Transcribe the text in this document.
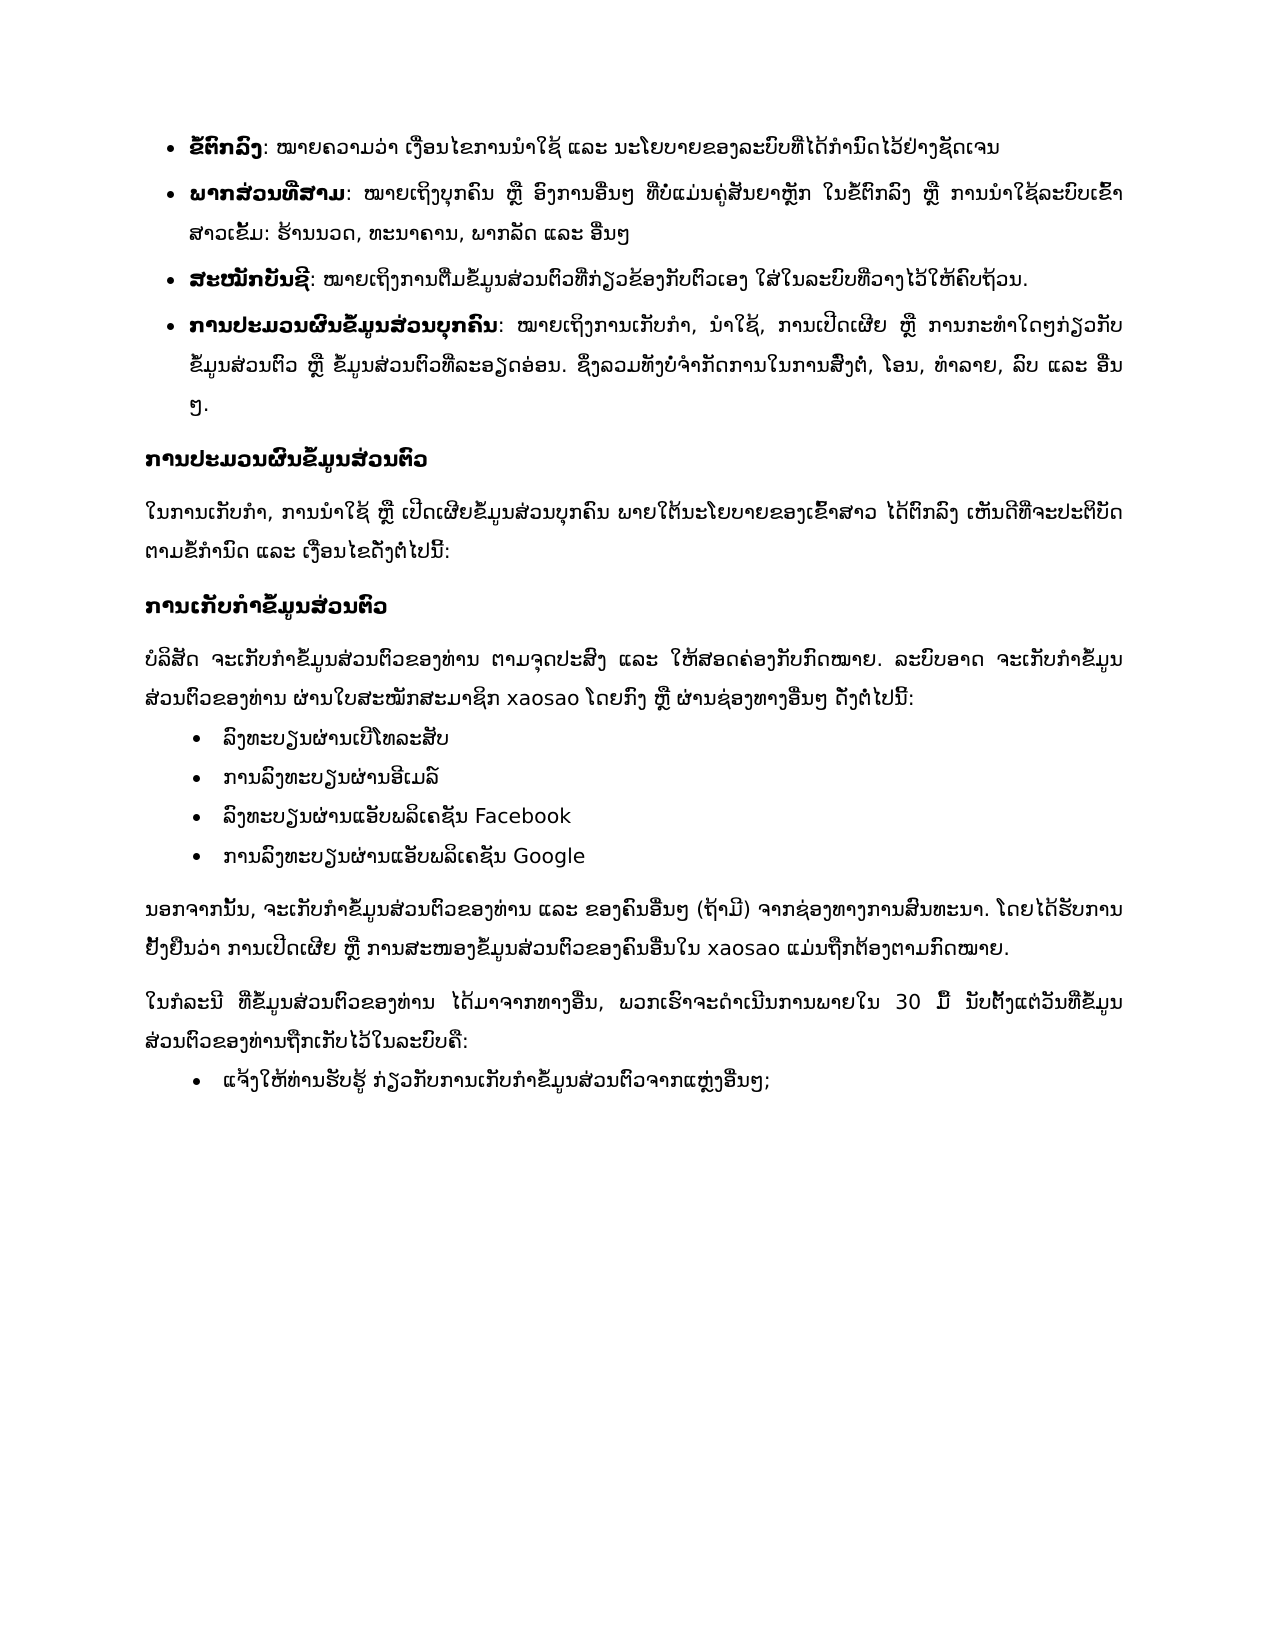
ຂໍ້ຕົກລົງ: ໝາຍຄວາມວ່າ ເງື່ອນໄຂການນຳໃຊ້ ແລະ ນະໂຍບາຍຂອງລະບົບທີ່ໄດ້ກຳນົດໄວ້ຢ່າງຊັດເຈນ
ພາກສ່ວນທີ່ສາມ: ໝາຍເຖິງບຸກຄົນ ຫຼື ອົງການອື່ນໆ ທີ່ບໍ່ແມ່ນຄູ່ສັນຍາຫຼັກ ໃນຂໍ້ຕົກລົງ ຫຼື ການນຳໃຊ້ລະບົບເຂົ້າສາວເຂັ້ມ: ຮ້ານນວດ, ທະນາຄານ, ພາກລັດ ແລະ ອື່ນໆ
ສະໝັກບັນຊີ: ໝາຍເຖິງການຕື່ມຂໍ້ມູນສ່ວນຕົວທີ່ກ່ຽວຂ້ອງກັບຕົວເອງ ໃສ່ໃນລະບົບທີ່ວາງໄວ້ໃຫ້ຄົບຖ້ວນ.
ການປະມວນຜົນຂໍ້ມູນສ່ວນບຸກຄົນ: ໝາຍເຖິງການເກັບກຳ, ນຳໃຊ້, ການເປີດເຜີຍ ຫຼື ການກະທຳໃດໆກ່ຽວກັບຂໍ້ມູນສ່ວນຕົວ ຫຼື ຂໍ້ມູນສ່ວນຕົວທີ່ລະອຽດອ່ອນ. ຊຶ່ງລວມທັງບໍ່ຈຳກັດການໃນການສົ່ງຕໍ່, ໂອນ, ທຳລາຍ, ລົບ ແລະ ອື່ນໆ.
ການປະມວນຜົນຂໍ້ມູນສ່ວນຕົວ

ໃນການເກັບກຳ, ການນຳໃຊ້ ຫຼື ເປີດເຜີຍຂໍ້ມູນສ່ວນບຸກຄົນ ພາຍໃຕ້ນະໂຍບາຍຂອງເຂົ້າສາວ ໄດ້ຕົກລົງ ເຫັນດີທີ່ຈະປະຕິບັດຕາມຂໍ້ກຳນົດ ແລະ ເງື່ອນໄຂດັ່ງຕໍ່ໄປນີ້:

ການເກັບກຳຂໍ້ມູນສ່ວນຕົວ

ບໍລິສັດ ຈະເກັບກຳຂໍ້ມູນສ່ວນຕົວຂອງທ່ານ ຕາມຈຸດປະສົງ ແລະ ໃຫ້ສອດຄ່ອງກັບກົດໝາຍ. ລະບົບອາດ ຈະເກັບກຳຂໍ້ມູນສ່ວນຕົວຂອງທ່ານ ຜ່ານໃບສະໝັກສະມາຊິກ xaosao ໂດຍກົງ ຫຼື ຜ່ານຊ່ອງທາງອື່ນໆ ດັ່ງຕໍ່ໄປນີ້:

ລົງທະບຽນຜ່ານເບີໂທລະສັບ
ການລົງທະບຽນຜ່ານອີເມລ໌
ລົງທະບຽນຜ່ານແອັບພລິເຄຊັນ Facebook
ການລົງທະບຽນຜ່ານແອັບພລິເຄຊັນ Google

ນອກຈາກນັ້ນ, ຈະເກັບກຳຂໍ້ມູນສ່ວນຕົວຂອງທ່ານ ແລະ ຂອງຄົນອື່ນໆ (ຖ້າມີ) ຈາກຊ່ອງທາງການສົນທະນາ. ໂດຍໄດ້ຮັບການຢັ້ງຢືນວ່າ ການເປີດເຜີຍ ຫຼື ການສະໜອງຂໍ້ມູນສ່ວນຕົວຂອງຄົນອື່ນໃນ xaosao ແມ່ນຖືກຕ້ອງຕາມກົດໝາຍ.

ໃນກໍລະນີ ທີ່ຂໍ້ມູນສ່ວນຕົວຂອງທ່ານ ໄດ້ມາຈາກທາງອື່ນ, ພວກເຮົາຈະດຳເນີນການພາຍໃນ 30 ມື້ ນັບຕັ້ງແຕ່ວັນທີ່ຂໍ້ມູນສ່ວນຕົວຂອງທ່ານຖືກເກັບໄວ້ໃນລະບົບຄື:

ແຈ້ງໃຫ້ທ່ານຮັບຮູ້ ກ່ຽວກັບການເກັບກຳຂໍ້ມູນສ່ວນຕົວຈາກແຫຼ່ງອື່ນໆ;
